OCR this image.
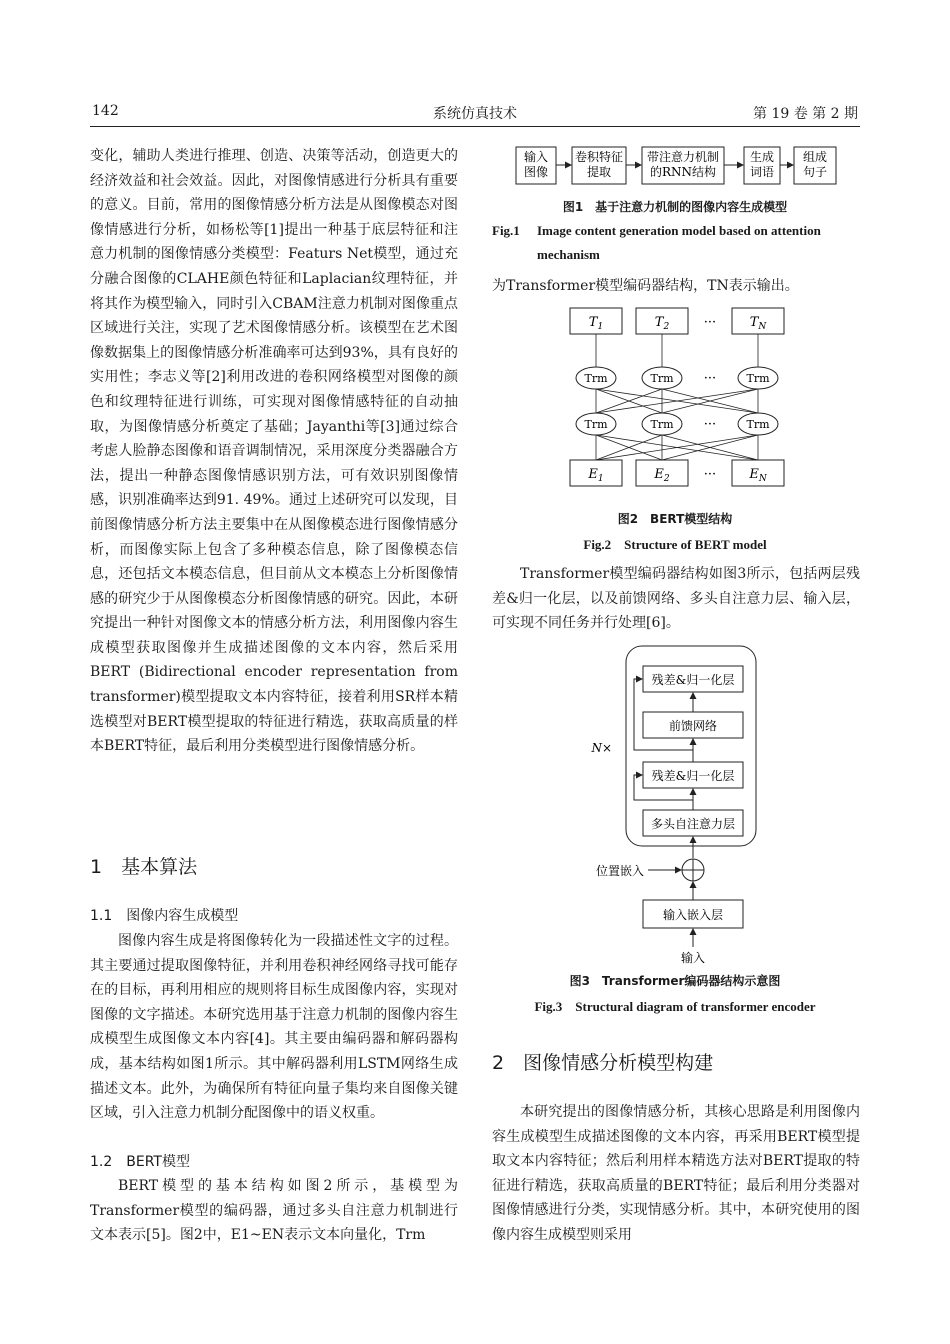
142	系统仿真技术	第 19 卷 第 2 期

变化，辅助人类进行推理、创造、决策等活动，创造更大的经济效益和社会效益。因此，对图像情感进行分析具有重要的意义。目前，常用的图像情感分析方法是从图像模态对图像情感进行分析，如杨松等[1]提出一种基于底层特征和注意力机制的图像情感分类模型：Featurs Net模型，通过充分融合图像的CLAHE颜色特征和Laplacian纹理特征，并将其作为模型输入，同时引入CBAM注意力机制对图像重点区域进行关注，实现了艺术图像情感分析。该模型在艺术图像数据集上的图像情感分析准确率可达到93%，具有良好的实用性；李志义等[2]利用改进的卷积网络模型对图像的颜色和纹理特征进行训练，可实现对图像情感特征的自动抽取，为图像情感分析奠定了基础；Jayanthi等[3]通过综合考虑人脸静态图像和语音调制情况，采用深度分类器融合方法，提出一种静态图像情感识别方法，可有效识别图像情感，识别准确率达到91. 49%。通过上述研究可以发现，目前图像情感分析方法主要集中在从图像模态进行图像情感分析，而图像实际上包含了多种模态信息，除了图像模态信息，还包括文本模态信息，但目前从文本模态上分析图像情感的研究少于从图像模态分析图像情感的研究。因此，本研究提出一种针对图像文本的情感分析方法，利用图像内容生成模型获取图像并生成描述图像的文本内容，然后采用BERT (Bidirectional encoder representation from transformer)模型提取文本内容特征，接着利用SR样本精选模型对BERT模型提取的特征进行精选，获取高质量的样本BERT特征，最后利用分类模型进行图像情感分析。

1　基本算法
1.1　图像内容生成模型

图像内容生成是将图像转化为一段描述性文字的过程。其主要通过提取图像特征，并利用卷积神经网络寻找可能存在的目标，再利用相应的规则将目标生成图像内容，实现对图像的文字描述。本研究选用基于注意力机制的图像内容生成模型生成图像文本内容[4]。其主要由编码器和解码器构成，基本结构如图1所示。其中解码器利用LSTM网络生成描述文本。此外，为确保所有特征向量子集均来自图像关键区域，引入注意力机制分配图像中的语义权重。

1.2　BERT模型

BERT模型的基本结构如图2所示，基模型为Transformer模型的编码器，通过多头自注意力机制进行文本表示[5]。图2中，E1~EN表示文本向量化，Trm

输入
图像
卷积特征
提取
带注意力机制
的RNN结构
生成
词语
组成
句子
图1　基于注意力机制的图像内容生成模型
Fig.1 Image content generation model based on attention
mechanism

为Transformer模型编码器结构，TN表示输出。

$T_1$	$T_2$	···	$T_N$
$E_1$	$E_2$	···	$E_N$
Trm	Trm	Trm
···
Trm	Trm	Trm
···
图2　BERT模型结构
Fig.2　Structure of BERT model

Transformer模型编码器结构如图3所示，包括两层残差&归一化层，以及前馈网络、多头自注意力层、输入层，可实现不同任务并行处理[6]。

残差&归一化层
前馈网络
残差&归一化层
多头自注意力层
N×
位置嵌入
输入嵌入层
输入
图3　Transformer编码器结构示意图
Fig.3　Structural diagram of transformer encoder
2　图像情感分析模型构建

本研究提出的图像情感分析，其核心思路是利用图像内容生成模型生成描述图像的文本内容，再采用BERT模型提取文本内容特征；然后利用样本精选方法对BERT提取的特征进行精选，获取高质量的BERT特征；最后利用分类器对图像情感进行分类，实现情感分析。其中，本研究使用的图像内容生成模型则采用
